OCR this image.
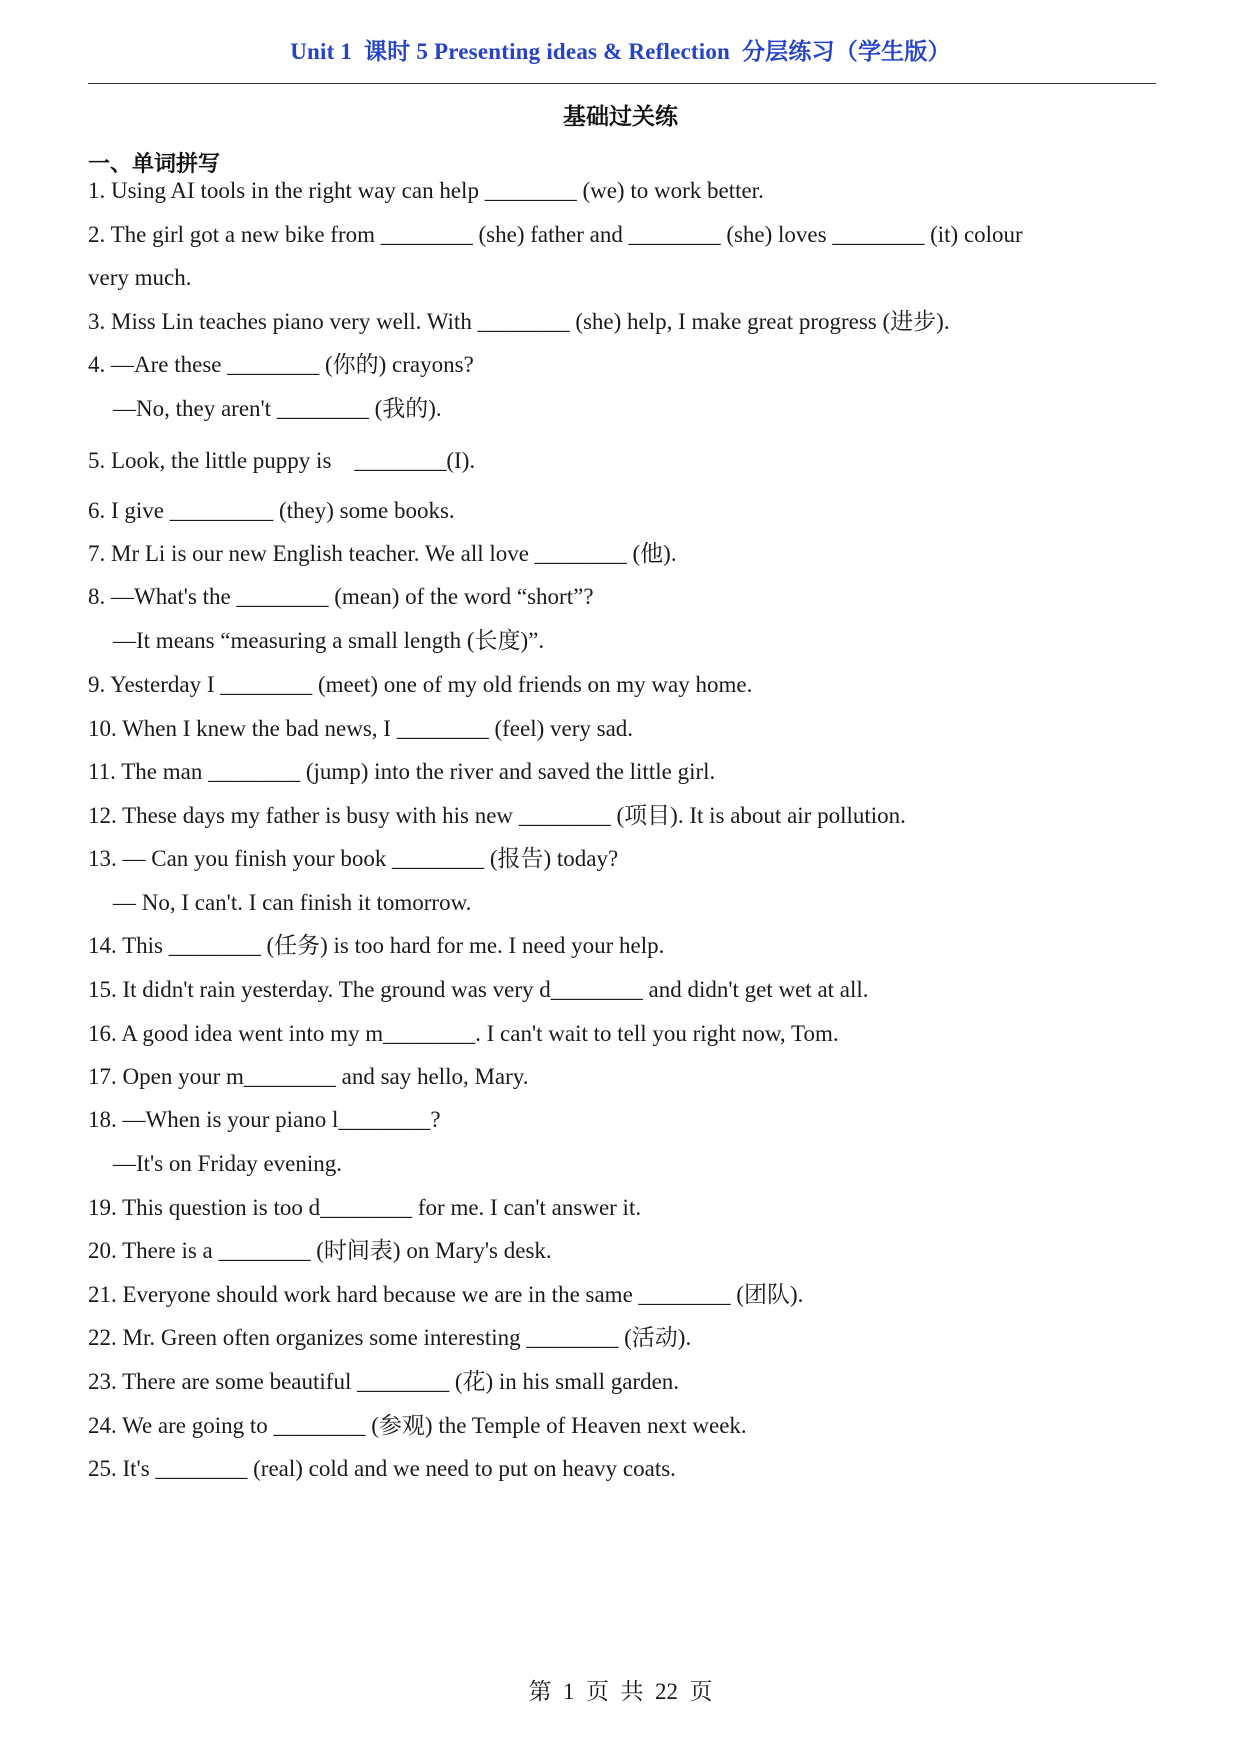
Unit 1  课时 5 Presenting ideas & Reflection  分层练习（学生版）
基础过关练
一、单词拼写
1. Using AI tools in the right way can help ________ (we) to work better.
2. The girl got a new bike from ________ (she) father and ________ (she) loves ________ (it) colour
very much.
3. Miss Lin teaches piano very well. With ________ (she) help, I make great progress (进步).
4. —Are these ________ (你的) crayons?
—No, they aren't ________ (我的).
5. Look, the little puppy is    ________(I).
6. I give _________ (they) some books.
7. Mr Li is our new English teacher. We all love ________ (他).
8. —What's the ________ (mean) of the word “short”?
—It means “measuring a small length (长度)”.
9. Yesterday I ________ (meet) one of my old friends on my way home.
10. When I knew the bad news, I ________ (feel) very sad.
11. The man ________ (jump) into the river and saved the little girl.
12. These days my father is busy with his new ________ (项目). It is about air pollution.
13. — Can you finish your book ________ (报告) today?
— No, I can't. I can finish it tomorrow.
14. This ________ (任务) is too hard for me. I need your help.
15. It didn't rain yesterday. The ground was very d________ and didn't get wet at all.
16. A good idea went into my m________. I can't wait to tell you right now, Tom.
17. Open your m________ and say hello, Mary.
18. —When is your piano l________?
—It's on Friday evening.
19. This question is too d________ for me. I can't answer it.
20. There is a ________ (时间表) on Mary's desk.
21. Everyone should work hard because we are in the same ________ (团队).
22. Mr. Green often organizes some interesting ________ (活动).
23. There are some beautiful ________ (花) in his small garden.
24. We are going to ________ (参观) the Temple of Heaven next week.
25. It's ________ (real) cold and we need to put on heavy coats.
第  1  页  共  22  页
